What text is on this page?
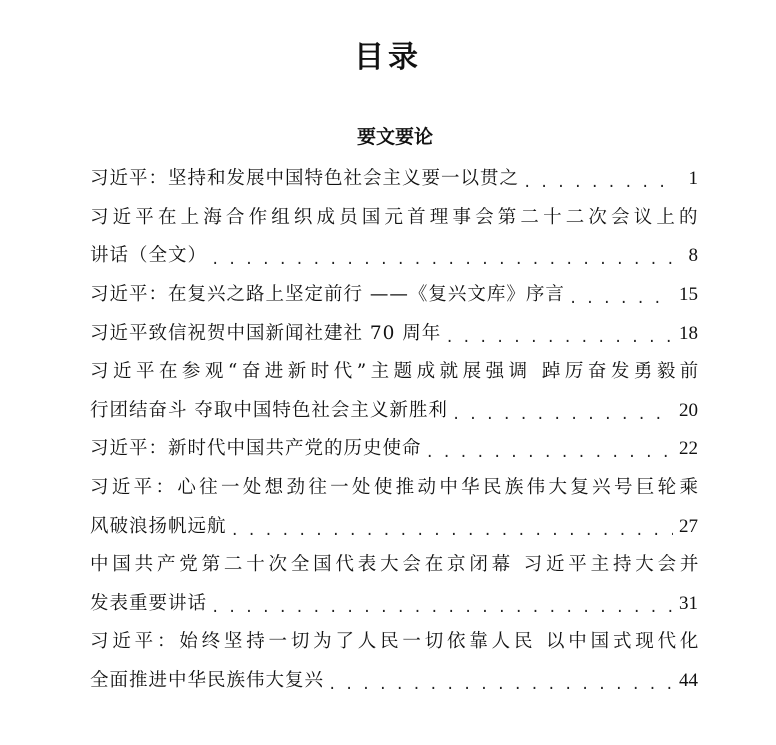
目录
要文要论
习近平：坚持和发展中国特色社会主义要一以贯之 . . .	1
习近平在上海合作组织成员国元首理事会第二十二次会议上的
讲话（全文） . . .	8
习近平：在复兴之路上坚定前行 ——《复兴文库》序言 . . .	15
习近平致信祝贺中国新闻社建社 70 周年 . . .	18
习近平在参观“奋进新时代”主题成就展强调 踔厉奋发勇毅前
行团结奋斗 夺取中国特色社会主义新胜利 . . .	20
习近平：新时代中国共产党的历史使命 . . .	22
习近平：心往一处想劲往一处使推动中华民族伟大复兴号巨轮乘
风破浪扬帆远航 . . .	27
中国共产党第二十次全国代表大会在京闭幕 习近平主持大会并
发表重要讲话 . . .	31
习近平：始终坚持一切为了人民一切依靠人民 以中国式现代化
全面推进中华民族伟大复兴 . . .	44
